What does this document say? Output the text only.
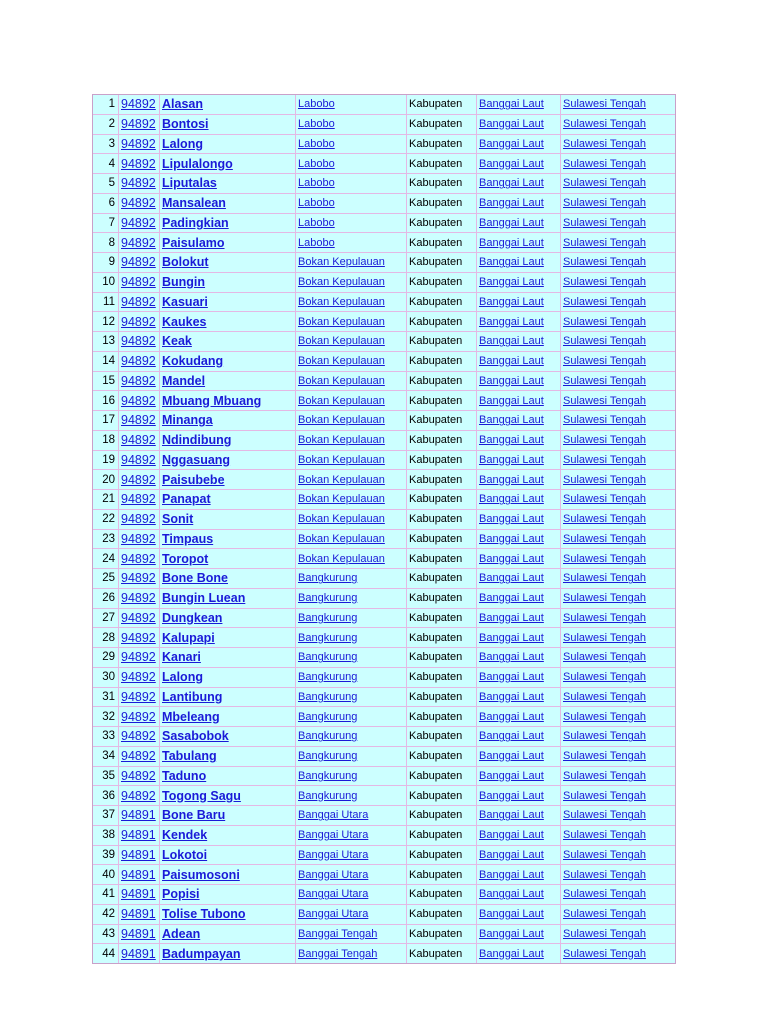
1	94892	Alasan	Labobo	Kabupaten	Banggai Laut	Sulawesi Tengah
2	94892	Bontosi	Labobo	Kabupaten	Banggai Laut	Sulawesi Tengah
3	94892	Lalong	Labobo	Kabupaten	Banggai Laut	Sulawesi Tengah
4	94892	Lipulalongo	Labobo	Kabupaten	Banggai Laut	Sulawesi Tengah
5	94892	Liputalas	Labobo	Kabupaten	Banggai Laut	Sulawesi Tengah
6	94892	Mansalean	Labobo	Kabupaten	Banggai Laut	Sulawesi Tengah
7	94892	Padingkian	Labobo	Kabupaten	Banggai Laut	Sulawesi Tengah
8	94892	Paisulamo	Labobo	Kabupaten	Banggai Laut	Sulawesi Tengah
9	94892	Bolokut	Bokan Kepulauan	Kabupaten	Banggai Laut	Sulawesi Tengah
10	94892	Bungin	Bokan Kepulauan	Kabupaten	Banggai Laut	Sulawesi Tengah
11	94892	Kasuari	Bokan Kepulauan	Kabupaten	Banggai Laut	Sulawesi Tengah
12	94892	Kaukes	Bokan Kepulauan	Kabupaten	Banggai Laut	Sulawesi Tengah
13	94892	Keak	Bokan Kepulauan	Kabupaten	Banggai Laut	Sulawesi Tengah
14	94892	Kokudang	Bokan Kepulauan	Kabupaten	Banggai Laut	Sulawesi Tengah
15	94892	Mandel	Bokan Kepulauan	Kabupaten	Banggai Laut	Sulawesi Tengah
16	94892	Mbuang Mbuang	Bokan Kepulauan	Kabupaten	Banggai Laut	Sulawesi Tengah
17	94892	Minanga	Bokan Kepulauan	Kabupaten	Banggai Laut	Sulawesi Tengah
18	94892	Ndindibung	Bokan Kepulauan	Kabupaten	Banggai Laut	Sulawesi Tengah
19	94892	Nggasuang	Bokan Kepulauan	Kabupaten	Banggai Laut	Sulawesi Tengah
20	94892	Paisubebe	Bokan Kepulauan	Kabupaten	Banggai Laut	Sulawesi Tengah
21	94892	Panapat	Bokan Kepulauan	Kabupaten	Banggai Laut	Sulawesi Tengah
22	94892	Sonit	Bokan Kepulauan	Kabupaten	Banggai Laut	Sulawesi Tengah
23	94892	Timpaus	Bokan Kepulauan	Kabupaten	Banggai Laut	Sulawesi Tengah
24	94892	Toropot	Bokan Kepulauan	Kabupaten	Banggai Laut	Sulawesi Tengah
25	94892	Bone Bone	Bangkurung	Kabupaten	Banggai Laut	Sulawesi Tengah
26	94892	Bungin Luean	Bangkurung	Kabupaten	Banggai Laut	Sulawesi Tengah
27	94892	Dungkean	Bangkurung	Kabupaten	Banggai Laut	Sulawesi Tengah
28	94892	Kalupapi	Bangkurung	Kabupaten	Banggai Laut	Sulawesi Tengah
29	94892	Kanari	Bangkurung	Kabupaten	Banggai Laut	Sulawesi Tengah
30	94892	Lalong	Bangkurung	Kabupaten	Banggai Laut	Sulawesi Tengah
31	94892	Lantibung	Bangkurung	Kabupaten	Banggai Laut	Sulawesi Tengah
32	94892	Mbeleang	Bangkurung	Kabupaten	Banggai Laut	Sulawesi Tengah
33	94892	Sasabobok	Bangkurung	Kabupaten	Banggai Laut	Sulawesi Tengah
34	94892	Tabulang	Bangkurung	Kabupaten	Banggai Laut	Sulawesi Tengah
35	94892	Taduno	Bangkurung	Kabupaten	Banggai Laut	Sulawesi Tengah
36	94892	Togong Sagu	Bangkurung	Kabupaten	Banggai Laut	Sulawesi Tengah
37	94891	Bone Baru	Banggai Utara	Kabupaten	Banggai Laut	Sulawesi Tengah
38	94891	Kendek	Banggai Utara	Kabupaten	Banggai Laut	Sulawesi Tengah
39	94891	Lokotoi	Banggai Utara	Kabupaten	Banggai Laut	Sulawesi Tengah
40	94891	Paisumosoni	Banggai Utara	Kabupaten	Banggai Laut	Sulawesi Tengah
41	94891	Popisi	Banggai Utara	Kabupaten	Banggai Laut	Sulawesi Tengah
42	94891	Tolise Tubono	Banggai Utara	Kabupaten	Banggai Laut	Sulawesi Tengah
43	94891	Adean	Banggai Tengah	Kabupaten	Banggai Laut	Sulawesi Tengah
44	94891	Badumpayan	Banggai Tengah	Kabupaten	Banggai Laut	Sulawesi Tengah
